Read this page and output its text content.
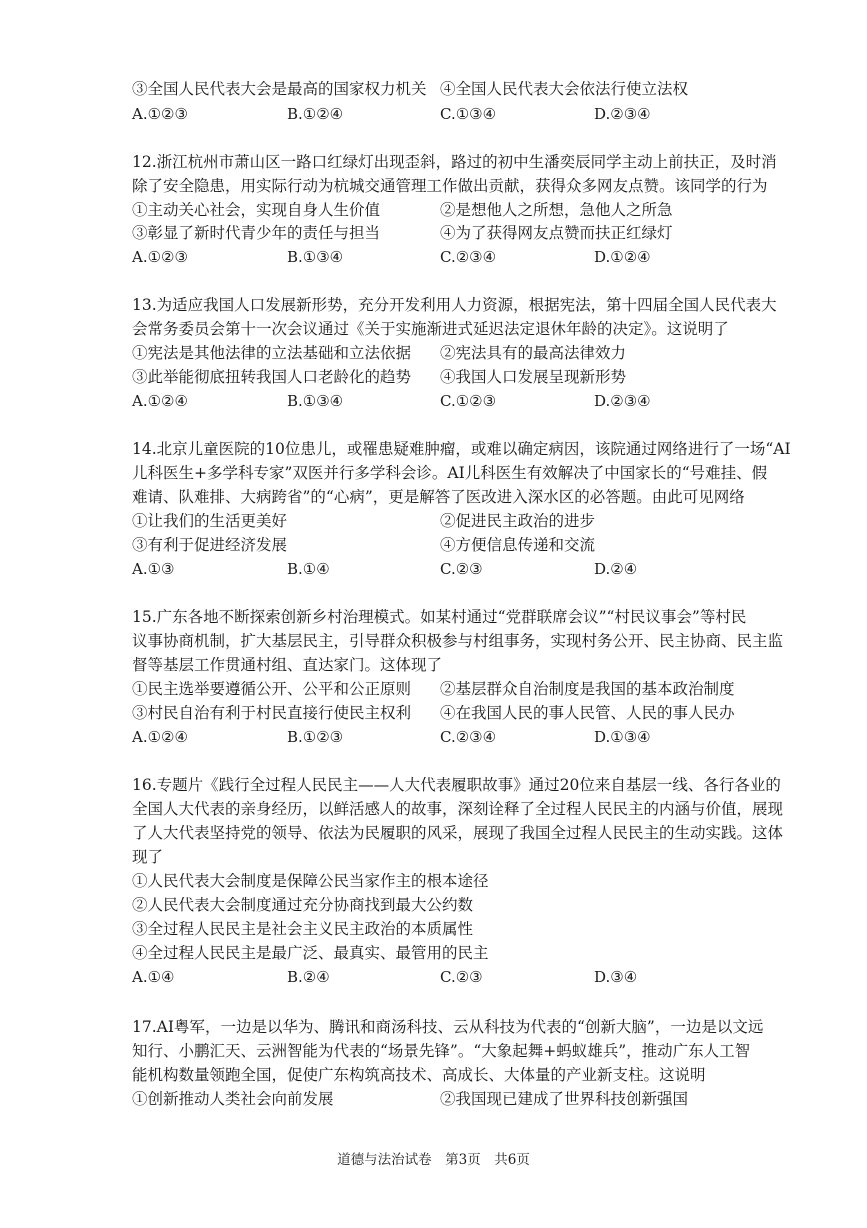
③全国人民代表大会是最高的国家权力机关 ④全国人民代表大会依法行使立法权
A.①②③	B.①②④	C.①③④	D.②③④
12.浙江杭州市萧山区一路口红绿灯出现歪斜，路过的初中生潘奕辰同学主动上前扶正，及时消
除了安全隐患，用实际行动为杭城交通管理工作做出贡献，获得众多网友点赞。该同学的行为
①主动关心社会，实现自身人生价值	②是想他人之所想，急他人之所急
③彰显了新时代青少年的责任与担当	④为了获得网友点赞而扶正红绿灯
A.①②③	B.①③④	C.②③④	D.①②④
13.为适应我国人口发展新形势，充分开发利用人力资源，根据宪法，第十四届全国人民代表大
会常务委员会第十一次会议通过《关于实施渐进式延迟法定退休年龄的决定》。这说明了
①宪法是其他法律的立法基础和立法依据 ②宪法具有的最高法律效力
③此举能彻底扭转我国人口老龄化的趋势 ④我国人口发展呈现新形势
A.①②④	B.①③④	C.①②③	D.②③④
14.北京儿童医院的10位患儿，或罹患疑难肿瘤，或难以确定病因，该院通过网络进行了一场“AI
儿科医生+多学科专家”双医并行多学科会诊。AI儿科医生有效解决了中国家长的“号难挂、假
难请、队难排、大病跨省”的“心病”，更是解答了医改进入深水区的必答题。由此可见网络
①让我们的生活更美好	②促进民主政治的进步
③有利于促进经济发展	④方便信息传递和交流
A.①③	B.①④	C.②③	D.②④
15.广东各地不断探索创新乡村治理模式。如某村通过“党群联席会议”“村民议事会”等村民
议事协商机制，扩大基层民主，引导群众积极参与村组事务，实现村务公开、民主协商、民主监
督等基层工作贯通村组、直达家门。这体现了
①民主选举要遵循公开、公平和公正原则 ②基层群众自治制度是我国的基本政治制度
③村民自治有利于村民直接行使民主权利 ④在我国人民的事人民管、人民的事人民办
A.①②④	B.①②③	C.②③④	D.①③④
16.专题片《践行全过程人民民主——人大代表履职故事》通过20位来自基层一线、各行各业的
全国人大代表的亲身经历，以鲜活感人的故事，深刻诠释了全过程人民民主的内涵与价值，展现
了人大代表坚持党的领导、依法为民履职的风采，展现了我国全过程人民民主的生动实践。这体
现了
①人民代表大会制度是保障公民当家作主的根本途径
②人民代表大会制度通过充分协商找到最大公约数
③全过程人民民主是社会主义民主政治的本质属性
④全过程人民民主是最广泛、最真实、最管用的民主
A.①④	B.②④	C.②③	D.③④
17.AI粤军，一边是以华为、腾讯和商汤科技、云从科技为代表的“创新大脑”，一边是以文远
知行、小鹏汇天、云洲智能为代表的“场景先锋”。“大象起舞+蚂蚁雄兵”，推动广东人工智
能机构数量领跑全国，促使广东构筑高技术、高成长、大体量的产业新支柱。这说明
①创新推动人类社会向前发展	②我国现已建成了世界科技创新强国
道德与法治试卷　第3页　共6页
